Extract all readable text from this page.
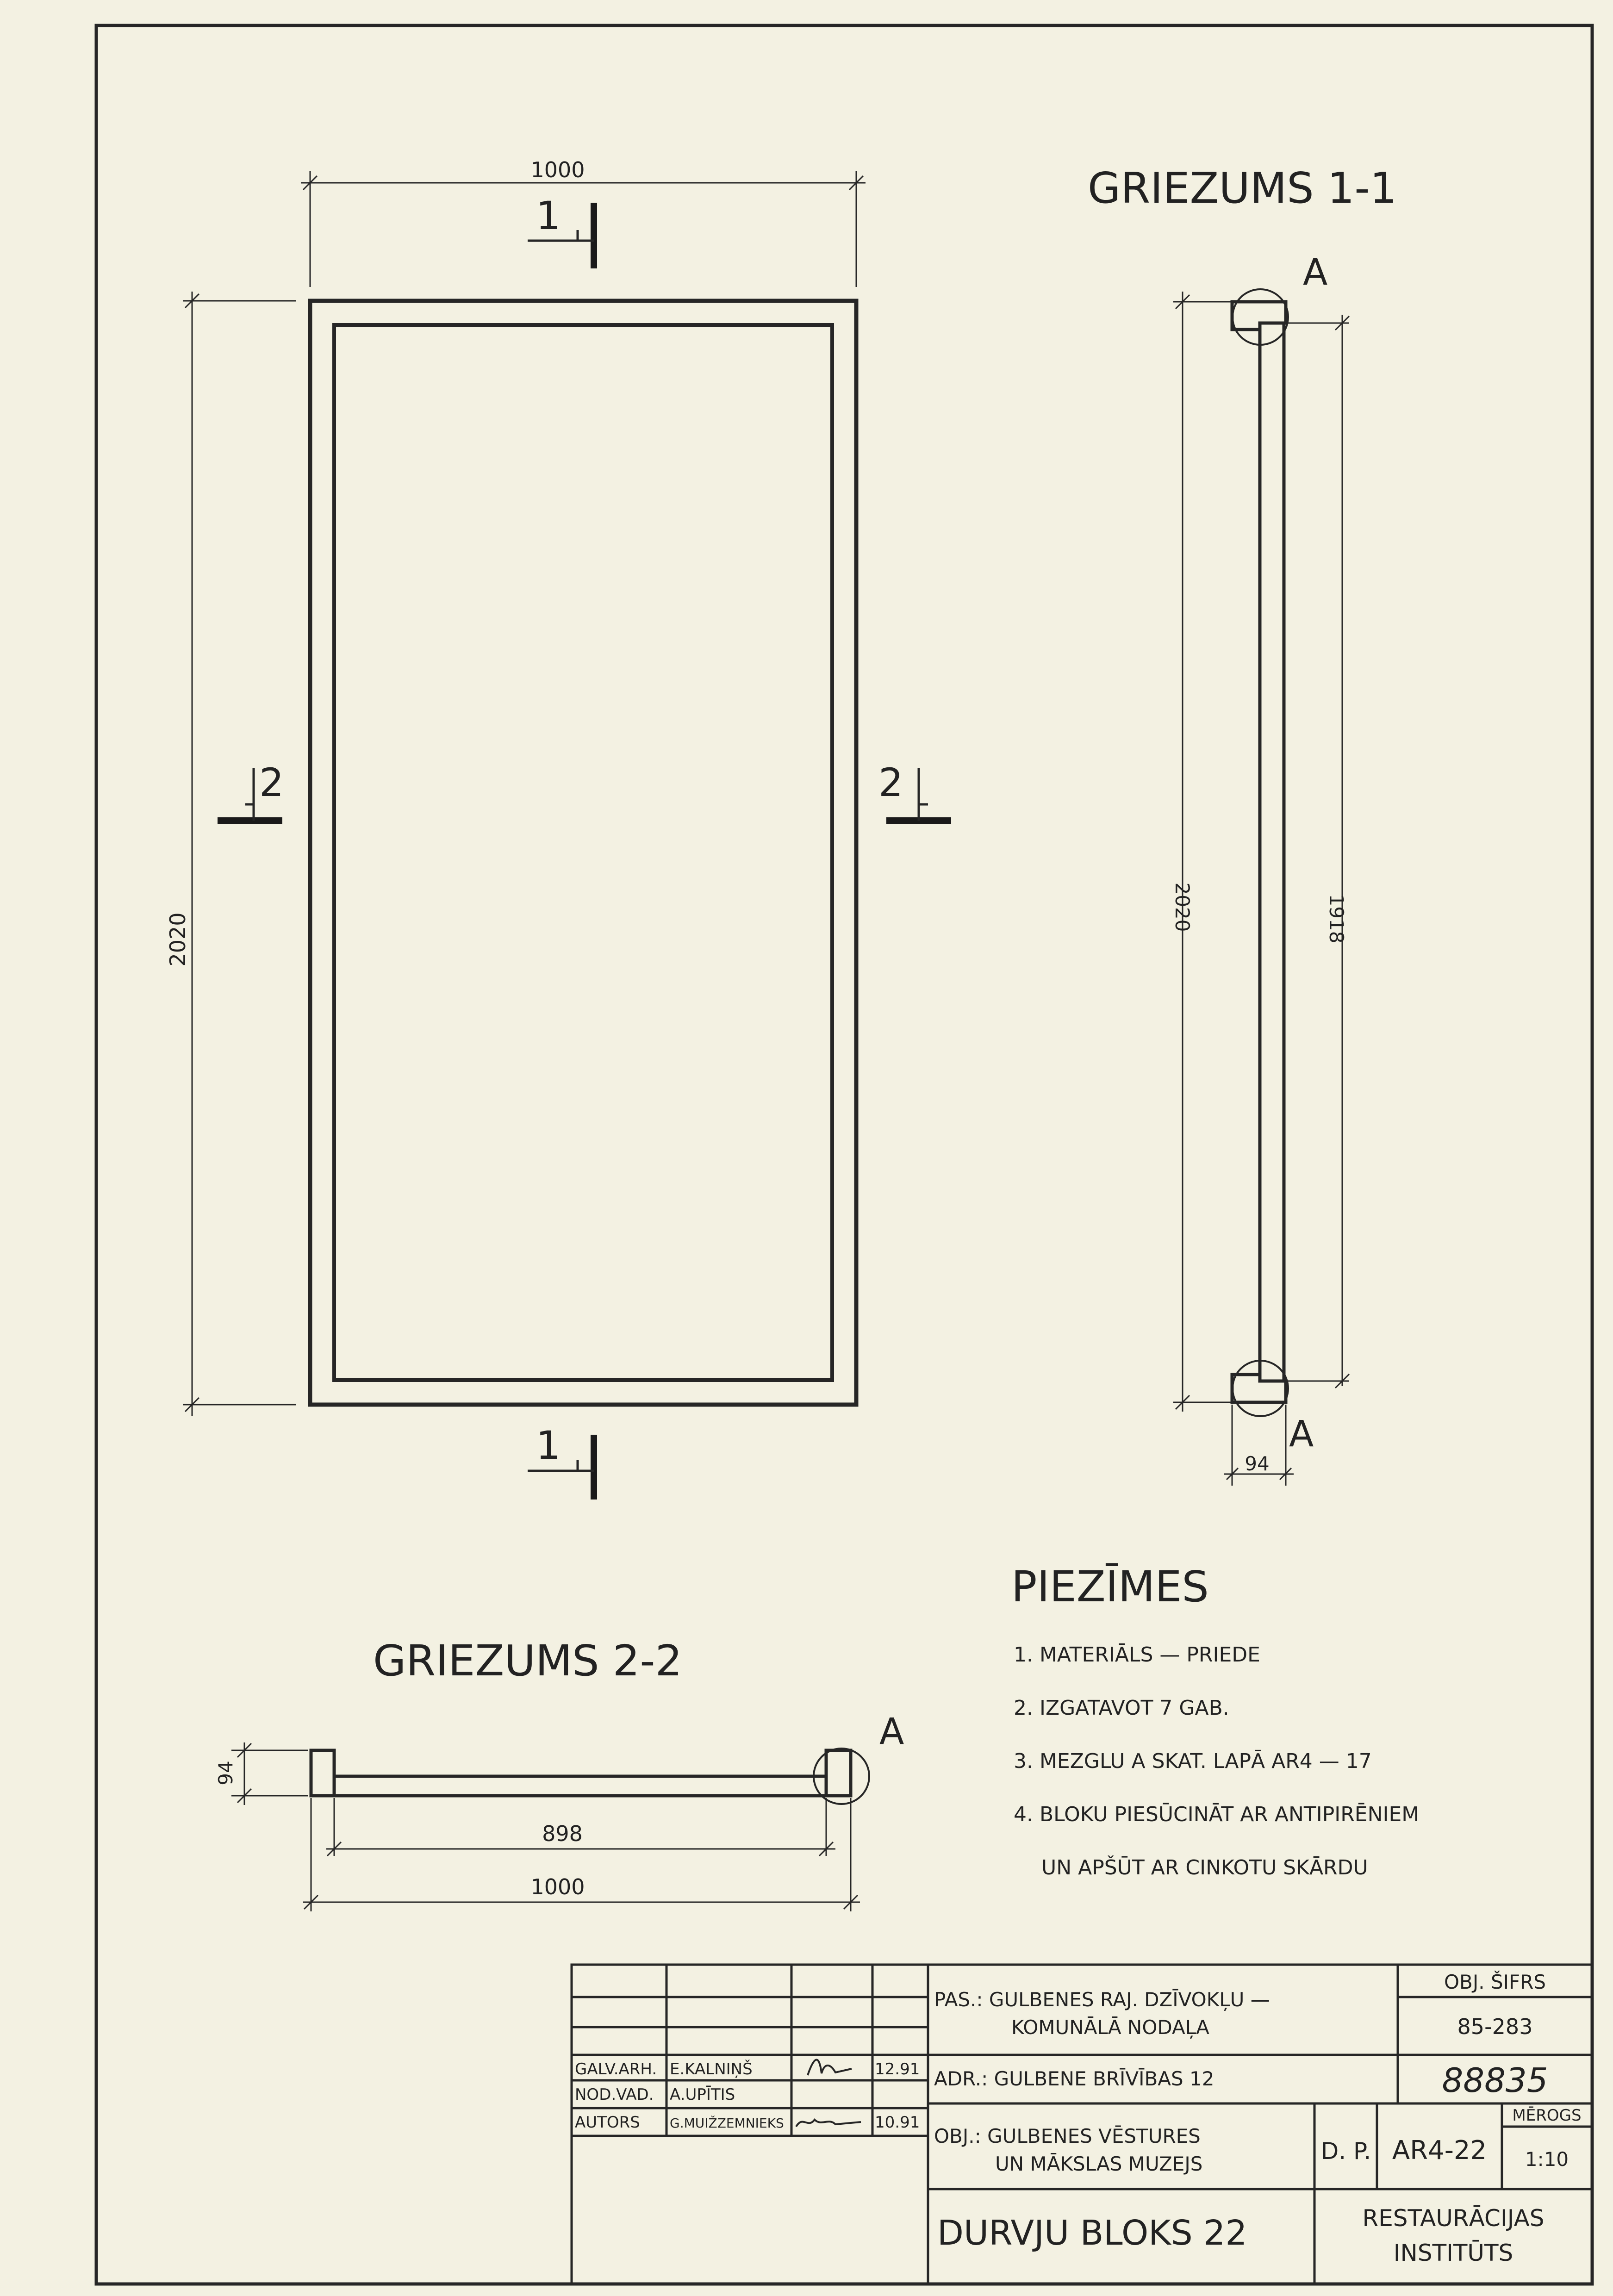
1000
2020
1
1
2	2
GRIEZUMS 1-1
A
A
2020	1918
94
GRIEZUMS 2-2
A
94
898
1000
PIEZĪMES
1. MATERIĀLS — PRIEDE
2. IZGATAVOT 7 GAB.
3. MEZGLU A SKAT. LAPĀ AR4 — 17
4. BLOKU PIESŪCINĀT AR ANTIPIRĒNIEM
UN APŠŪT AR CINKOTU SKĀRDU
GALV.ARH. E.KALNIŅŠ	12.91
NOD.VAD. A.UPĪTIS
AUTORS G.MUIŽZEMNIEKS	10.91
PAS.: GULBENES RAJ. DZĪVOKĻU —
KOMUNĀLĀ NODAĻA
ADR.: GULBENE BRĪVĪBAS 12
OBJ.: GULBENES VĒSTURES
UN MĀKSLAS MUZEJS
OBJ. ŠIFRS
85-283
88835
D. P. AR4-22
MĒROGS
1:10
DURVJU BLOKS 22	RESTAURĀCIJAS
INSTITŪTS
